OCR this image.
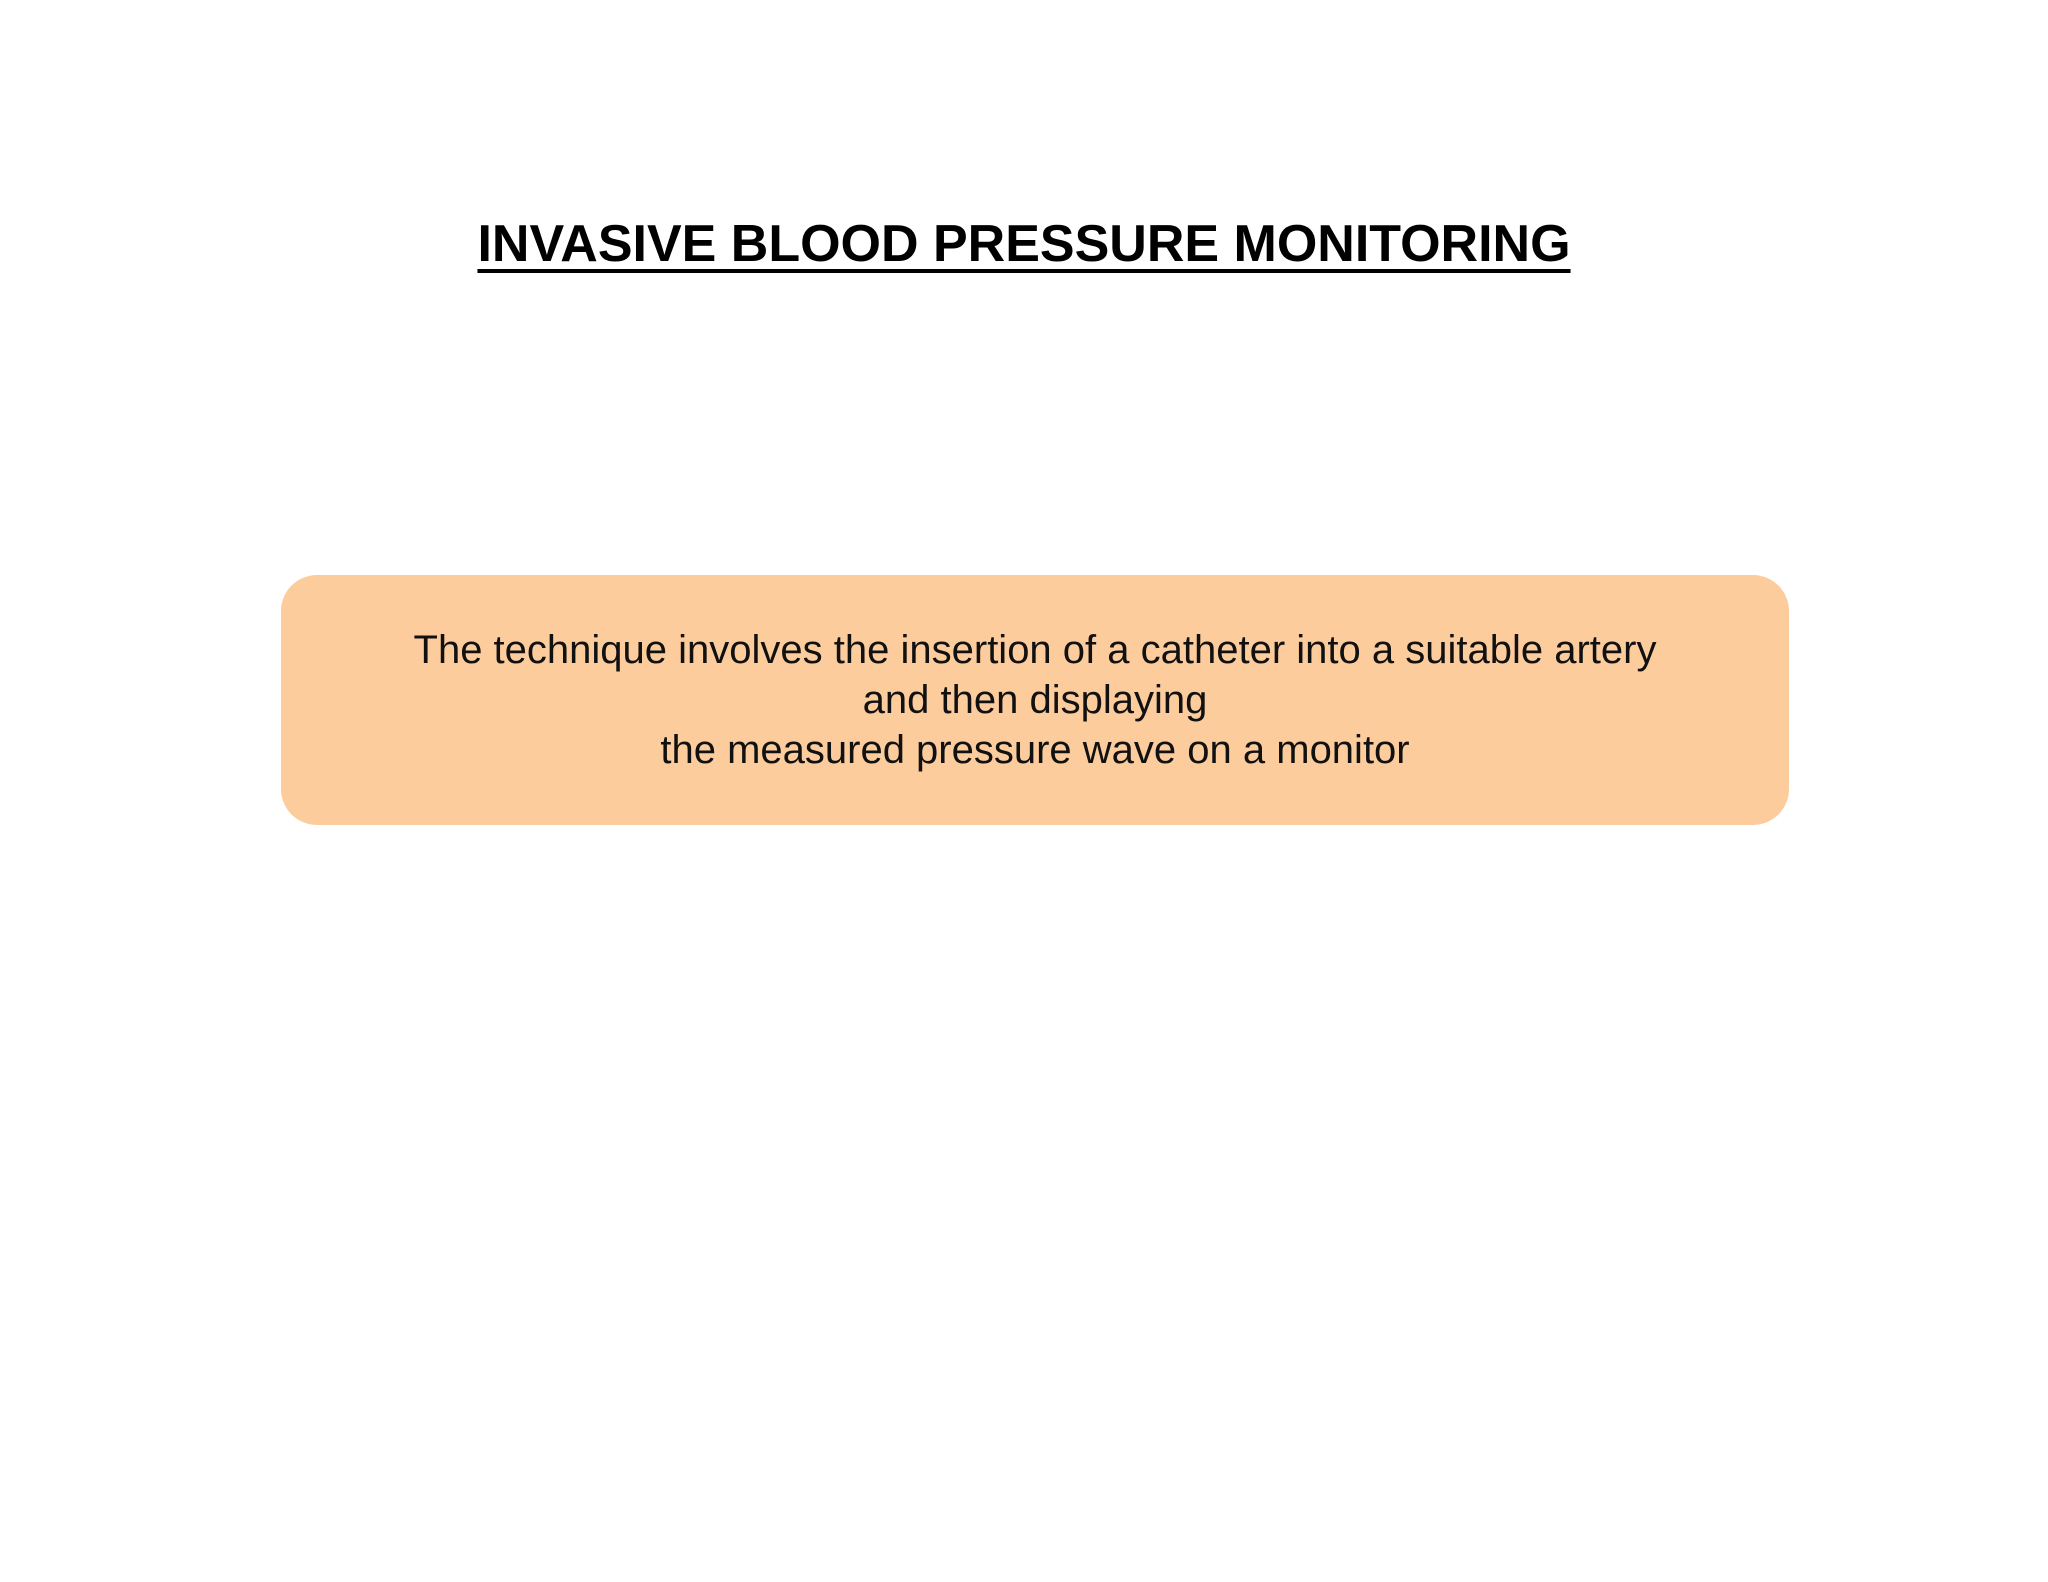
INVASIVE BLOOD PRESSURE MONITORING
The technique involves the insertion of a catheter into a suitable artery
and then displaying
the measured pressure wave on a monitor
